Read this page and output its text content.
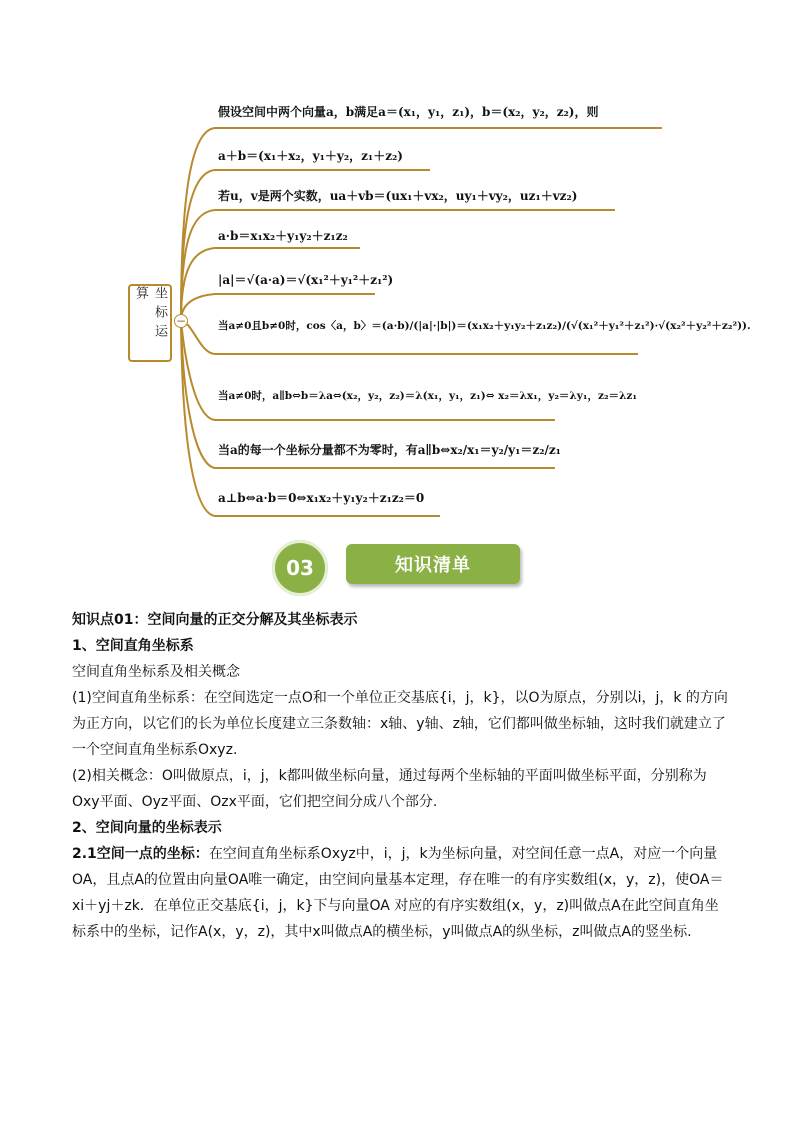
坐标运算
−
假设空间中两个向量a，b满足a＝(x₁，y₁，z₁)，b＝(x₂，y₂，z₂)，则
a＋b＝(x₁＋x₂，y₁＋y₂，z₁＋z₂)
若u，v是两个实数，ua＋vb＝(ux₁＋vx₂，uy₁＋vy₂，uz₁＋vz₂)
a·b＝x₁x₂＋y₁y₂＋z₁z₂
|a|＝√(a·a)＝√(x₁²＋y₁²＋z₁²)
当a≠0且b≠0时，cos〈a，b〉＝(a·b)/(|a|·|b|)＝(x₁x₂＋y₁y₂＋z₁z₂)/(√(x₁²＋y₁²＋z₁²)·√(x₂²＋y₂²＋z₂²)).
当a≠0时，a∥b⇔b＝λa⇔(x₂，y₂，z₂)＝λ(x₁，y₁，z₁)⇔ x₂＝λx₁，y₂＝λy₁，z₂＝λz₁
当a的每一个坐标分量都不为零时，有a∥b⇔x₂/x₁＝y₂/y₁＝z₂/z₁
a⊥b⇔a·b＝0⇔x₁x₂＋y₁y₂＋z₁z₂＝0
03	知识清单

知识点01：空间向量的正交分解及其坐标表示

1、空间直角坐标系

空间直角坐标系及相关概念

(1)空间直角坐标系：在空间选定一点O和一个单位正交基底{i，j，k}，以O为原点，分别以i，j，k 的方向为正方向，以它们的长为单位长度建立三条数轴：x轴、y轴、z轴，它们都叫做坐标轴，这时我们就建立了一个空间直角坐标系Oxyz.

(2)相关概念：O叫做原点，i，j，k都叫做坐标向量，通过每两个坐标轴的平面叫做坐标平面，分别称为Oxy平面、Oyz平面、Ozx平面，它们把空间分成八个部分.

2、空间向量的坐标表示

2.1空间一点的坐标：在空间直角坐标系Oxyz中，i，j，k为坐标向量，对空间任意一点A，对应一个向量OA，且点A的位置由向量OA唯一确定，由空间向量基本定理，存在唯一的有序实数组(x，y，z)，使OA＝xi＋yj＋zk．在单位正交基底{i，j，k}下与向量OA 对应的有序实数组(x，y，z)叫做点A在此空间直角坐标系中的坐标，记作A(x，y，z)，其中x叫做点A的横坐标，y叫做点A的纵坐标，z叫做点A的竖坐标.
